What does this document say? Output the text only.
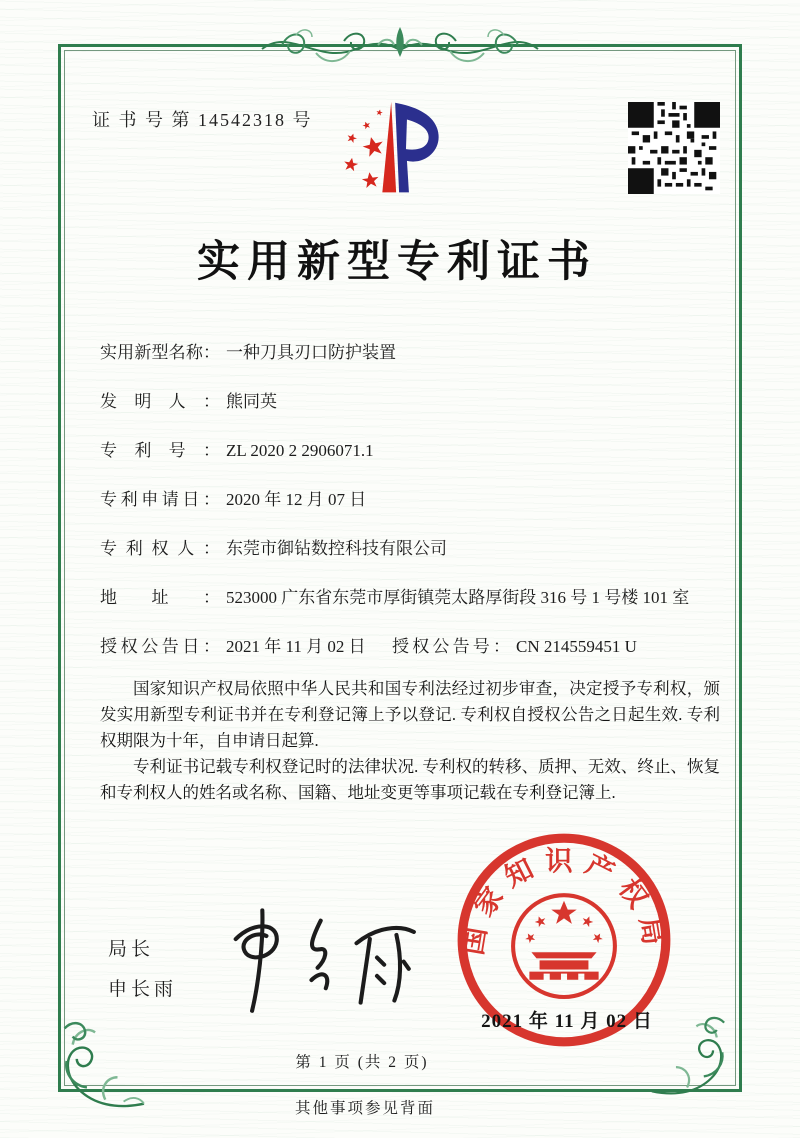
证 书 号 第 14542318 号
实用新型专利证书
实用新型名称： 一种刀具刃口防护装置
发明人： 熊同英
专利号： ZL 2020 2 2906071.1
专利申请日： 2020 年 12 月 07 日
专利权人： 东莞市御钻数控科技有限公司
地址： 523000 广东省东莞市厚街镇莞太路厚街段 316 号 1 号楼 101 室
授权公告日： 2021 年 11 月 02 日	授权公告号： CN 214559451 U

国家知识产权局依照中华人民共和国专利法经过初步审查，决定授予专利权，颁发实用新型专利证书并在专利登记簿上予以登记. 专利权自授权公告之日起生效. 专利权期限为十年，自申请日起算.

专利证书记载专利权登记时的法律状况. 专利权的转移、质押、无效、终止、恢复和专利权人的姓名或名称、国籍、地址变更等事项记载在专利登记簿上.

局长
申长雨
国家知识产权局
2021 年 11 月 02 日
第 1 页 (共 2 页)
其他事项参见背面
